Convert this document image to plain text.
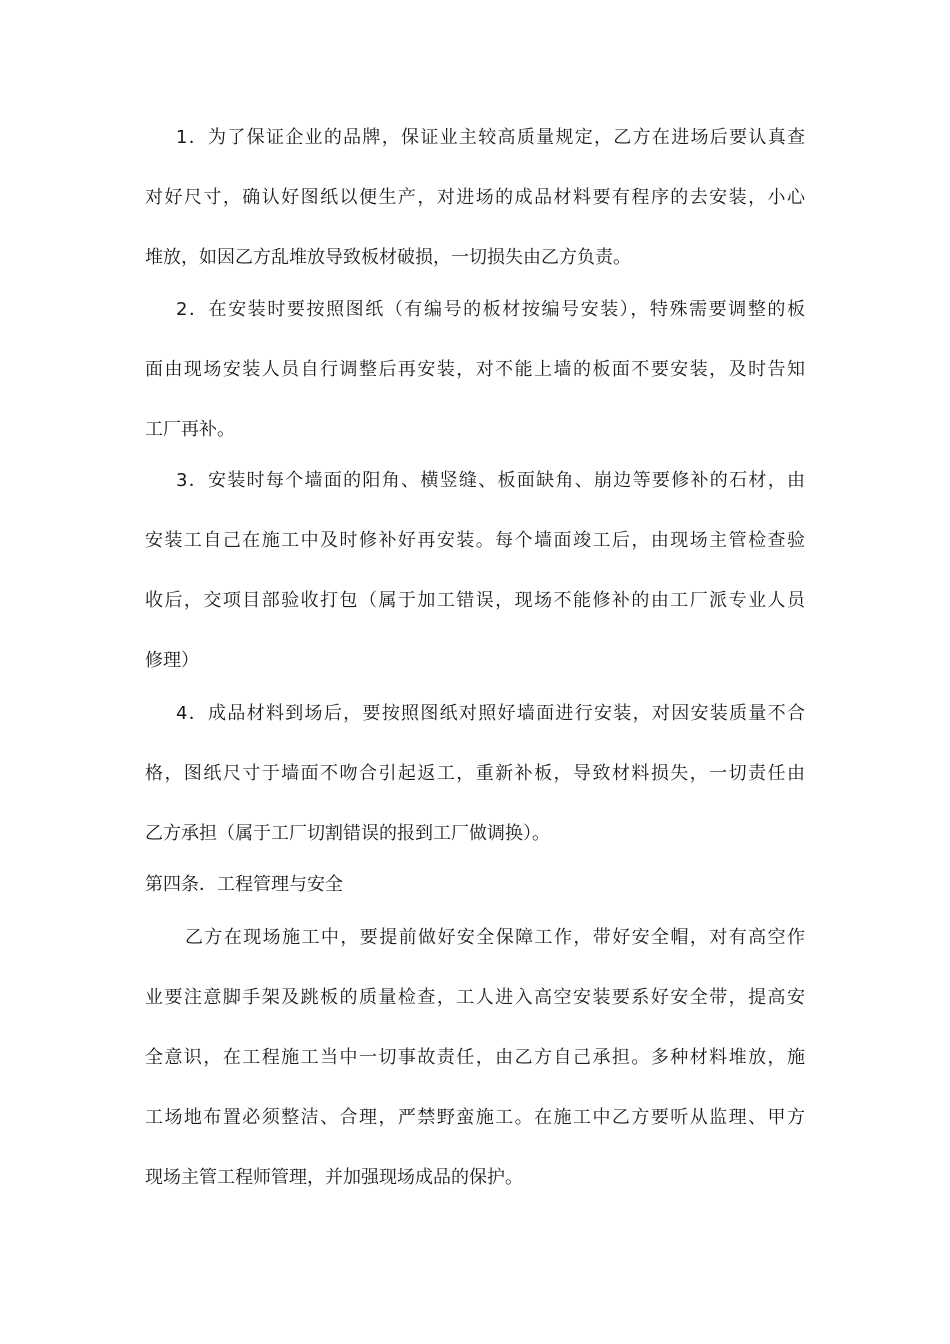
1．为了保证企业的品牌，保证业主较高质量规定，乙方在进场后要认真查
对好尺寸，确认好图纸以便生产，对进场的成品材料要有程序的去安装，小心
堆放，如因乙方乱堆放导致板材破损，一切损失由乙方负责。
2．在安装时要按照图纸（有编号的板材按编号安装），特殊需要调整的板
面由现场安装人员自行调整后再安装，对不能上墙的板面不要安装，及时告知
工厂再补。
3．安装时每个墙面的阳角、横竖缝、板面缺角、崩边等要修补的石材，由
安装工自己在施工中及时修补好再安装。每个墙面竣工后，由现场主管检查验
收后，交项目部验收打包（属于加工错误，现场不能修补的由工厂派专业人员
修理）
4．成品材料到场后，要按照图纸对照好墙面进行安装，对因安装质量不合
格，图纸尺寸于墙面不吻合引起返工，重新补板，导致材料损失，一切责任由
乙方承担（属于工厂切割错误的报到工厂做调换）。
第四条．工程管理与安全
乙方在现场施工中，要提前做好安全保障工作，带好安全帽，对有高空作
业要注意脚手架及跳板的质量检查，工人进入高空安装要系好安全带，提高安
全意识，在工程施工当中一切事故责任，由乙方自己承担。多种材料堆放，施
工场地布置必须整洁、合理，严禁野蛮施工。在施工中乙方要听从监理、甲方
现场主管工程师管理，并加强现场成品的保护。
